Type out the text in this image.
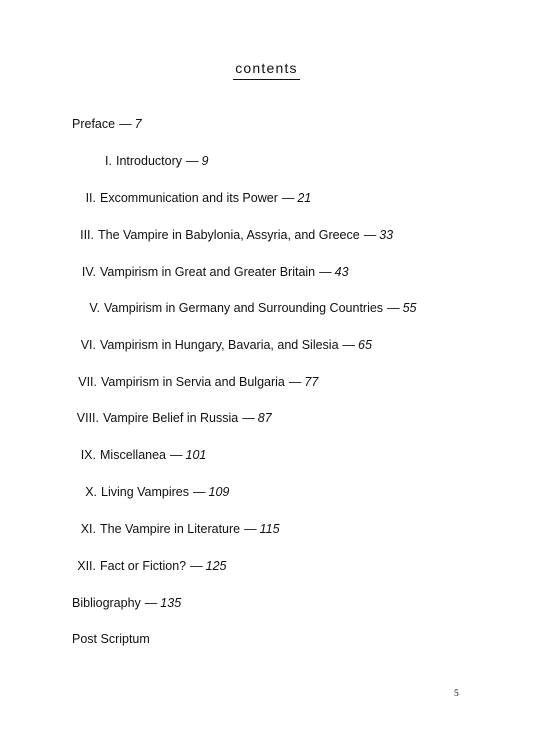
contents
Preface — 7
I. Introductory — 9
II. Excommunication and its Power — 21
III. The Vampire in Babylonia, Assyria, and Greece — 33
IV. Vampirism in Great and Greater Britain — 43
V. Vampirism in Germany and Surrounding Countries — 55
VI. Vampirism in Hungary, Bavaria, and Silesia — 65
VII. Vampirism in Servia and Bulgaria — 77
VIII. Vampire Belief in Russia — 87
IX. Miscellanea — 101
X. Living Vampires — 109
XI. The Vampire in Literature — 115
XII. Fact or Fiction? — 125
Bibliography — 135
Post Scriptum
5
